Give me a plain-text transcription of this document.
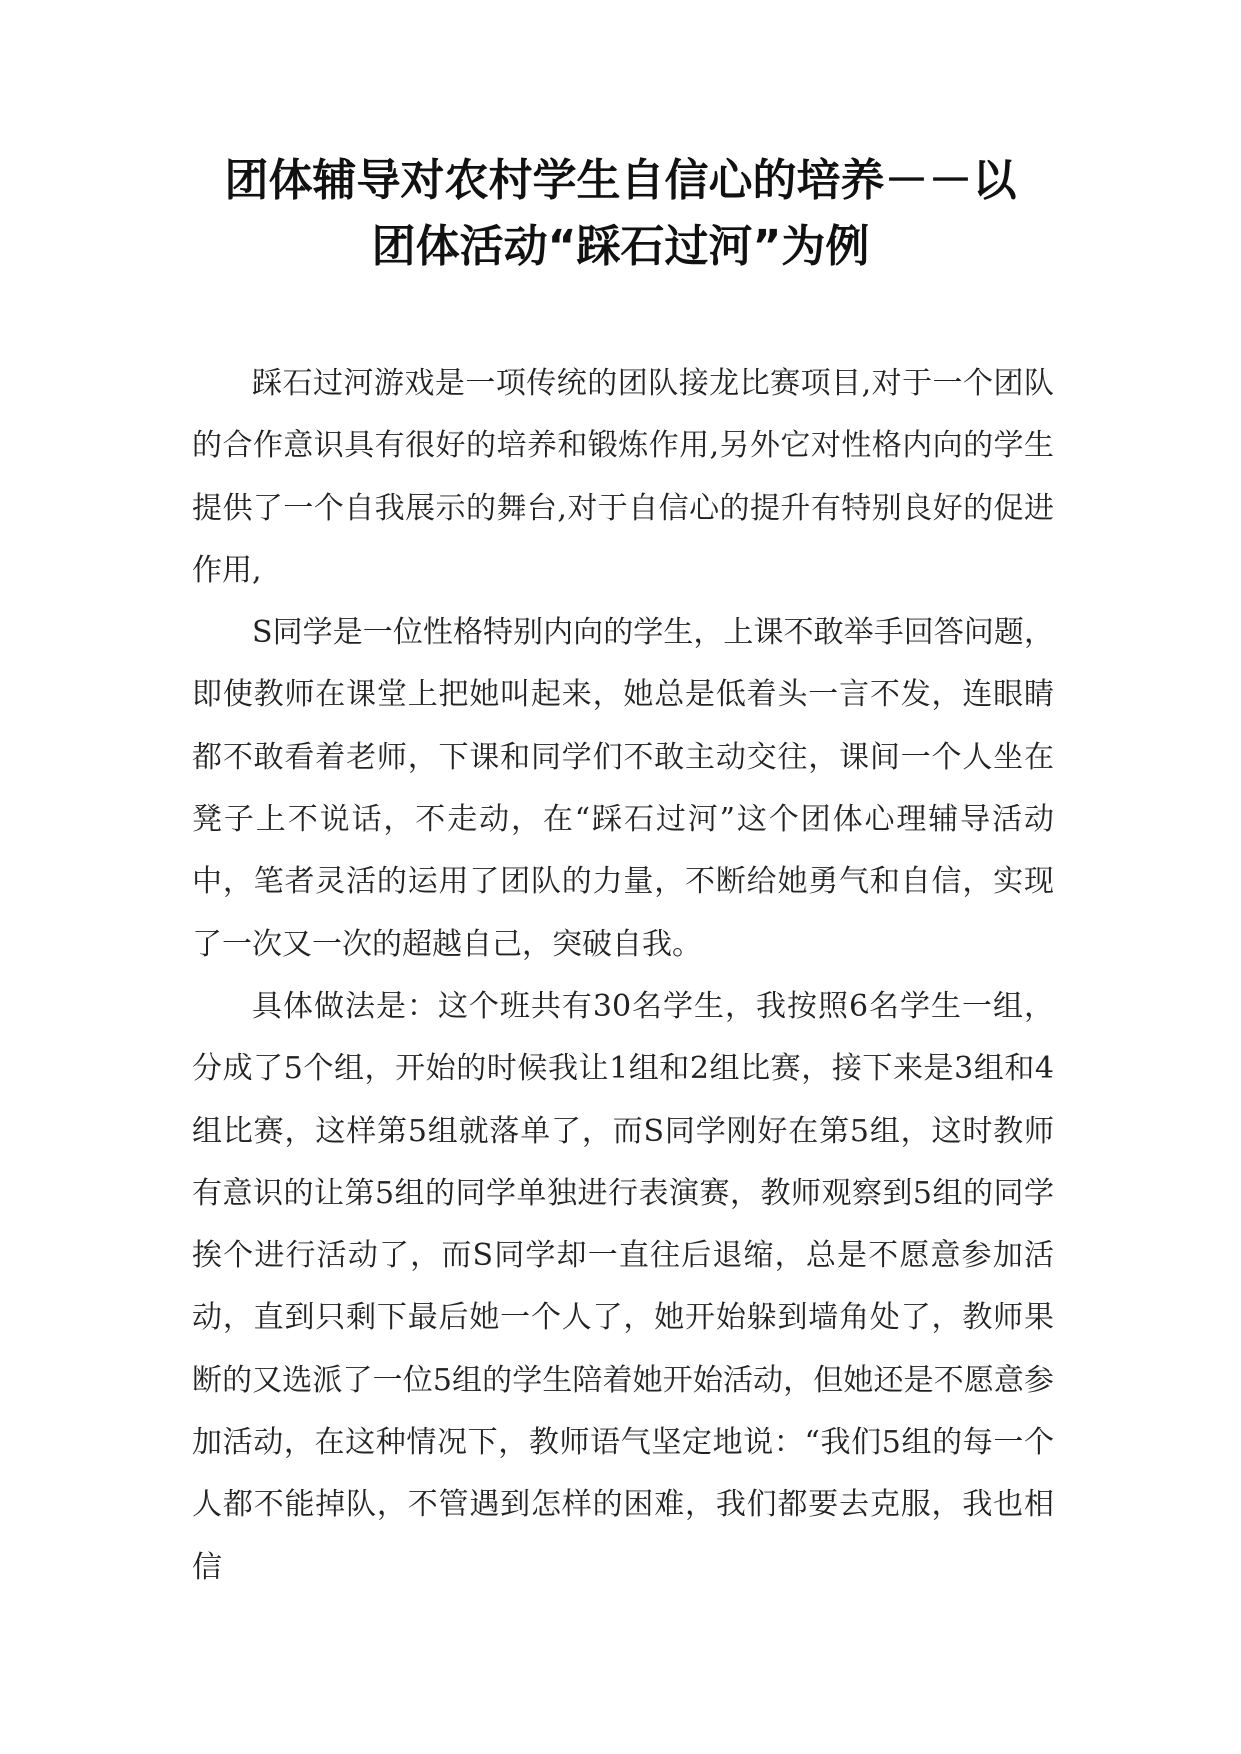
团体辅导对农村学生自信心的培养－－以
团体活动“踩石过河”为例

踩石过河游戏是一项传统的团队接龙比赛项目,对于一个团队的合作意识具有很好的培养和锻炼作用,另外它对性格内向的学生提供了一个自我展示的舞台,对于自信心的提升有特别良好的促进作用,

S同学是一位性格特别内向的学生，上课不敢举手回答问题，即使教师在课堂上把她叫起来，她总是低着头一言不发，连眼睛都不敢看着老师，下课和同学们不敢主动交往，课间一个人坐在凳子上不说话，不走动，在“踩石过河”这个团体心理辅导活动中，笔者灵活的运用了团队的力量，不断给她勇气和自信，实现了一次又一次的超越自己，突破自我。

具体做法是：这个班共有30名学生，我按照6名学生一组，分成了5个组，开始的时候我让1组和2组比赛，接下来是3组和4组比赛，这样第5组就落单了，而S同学刚好在第5组，这时教师有意识的让第5组的同学单独进行表演赛，教师观察到5组的同学挨个进行活动了，而S同学却一直往后退缩，总是不愿意参加活动，直到只剩下最后她一个人了，她开始躲到墙角处了，教师果断的又选派了一位5组的学生陪着她开始活动，但她还是不愿意参加活动，在这种情况下，教师语气坚定地说：“我们5组的每一个人都不能掉队，不管遇到怎样的困难，我们都要去克服，我也相信
